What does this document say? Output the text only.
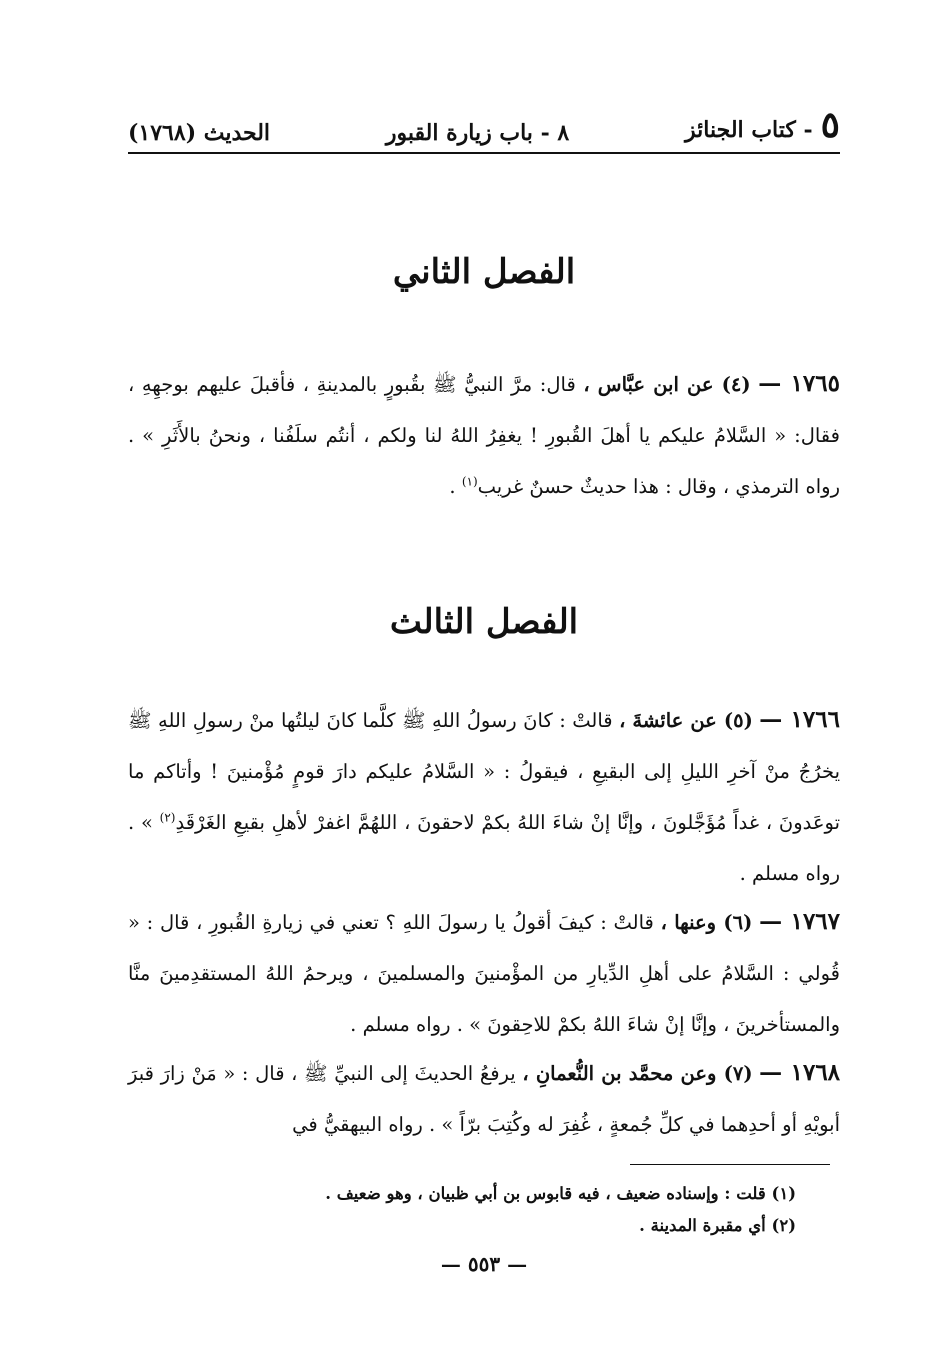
٥
- كتاب الجنائز
٨ - باب زيارة القبور
الحديث (١٧٦٨)
الفصل الثاني
١٧٦٥ — (٤) عن ابن عبَّاس ، قال: مرَّ النبيُّ ﷺ بقُبورٍ بالمدينةِ ، فأقبلَ عليهم بوجهِهِ ، فقال: « السَّلامُ عليكم يا أهلَ القُبورِ ! يغفِرُ اللهُ لنا ولكم ، أنتُم سلَفُنا ، ونحنُ بالأَثَرِ » . رواه الترمذي ، وقال : هذا حديثٌ حسنٌ غريب$^{(١)}$ .
الفصل الثالث
١٧٦٦ — (٥) عن عائشةَ ، قالتْ : كانَ رسولُ اللهِ ﷺ كلَّما كانَ ليلتُها منْ رسولِ اللهِ ﷺ يخرُجُ منْ آخرِ الليلِ إلى البقيعِ ، فيقولُ : « السَّلامُ عليكم دارَ قومٍ مُؤْمنينَ ! وأتاكم ما توعَدونَ ، غداً مُؤَجَّلونَ ، وإنَّا إنْ شاءَ اللهُ بكمْ لاحقونَ ، اللهُمَّ اغفرْ لأهلِ بقيعِ الغَرْقَدِ$^{(٢)}$ » . رواه مسلم .
١٧٦٧ — (٦) وعنها ، قالتْ : كيفَ أقولُ يا رسولَ اللهِ ؟ تعني في زيارةِ القُبورِ ، قال : « قُولي : السَّلامُ على أهلِ الدِّيارِ من المؤْمنينَ والمسلمينَ ، ويرحمُ اللهُ المستقدِمينَ منَّا والمستأخرينَ ، وإنَّا إنْ شاءَ اللهُ بكمْ للاحِقونَ » . رواه مسلم .
١٧٦٨ — (٧) وعن محمَّد بن النُّعمانِ ، يرفعُ الحديثَ إلى النبيِّ ﷺ ، قال : « مَنْ زارَ قبرَ أبويْهِ أو أحدِهما في كلِّ جُمعةٍ ، غُفِرَ له وكُتِبَ برّاً » . رواه البيهقيُّ في

(١) قلت : وإسناده ضعيف ، فيه قابوس بن أبي ظبيان ، وهو ضعيف .

(٢) أي مقبرة المدينة .

— ٥٥٣ —
